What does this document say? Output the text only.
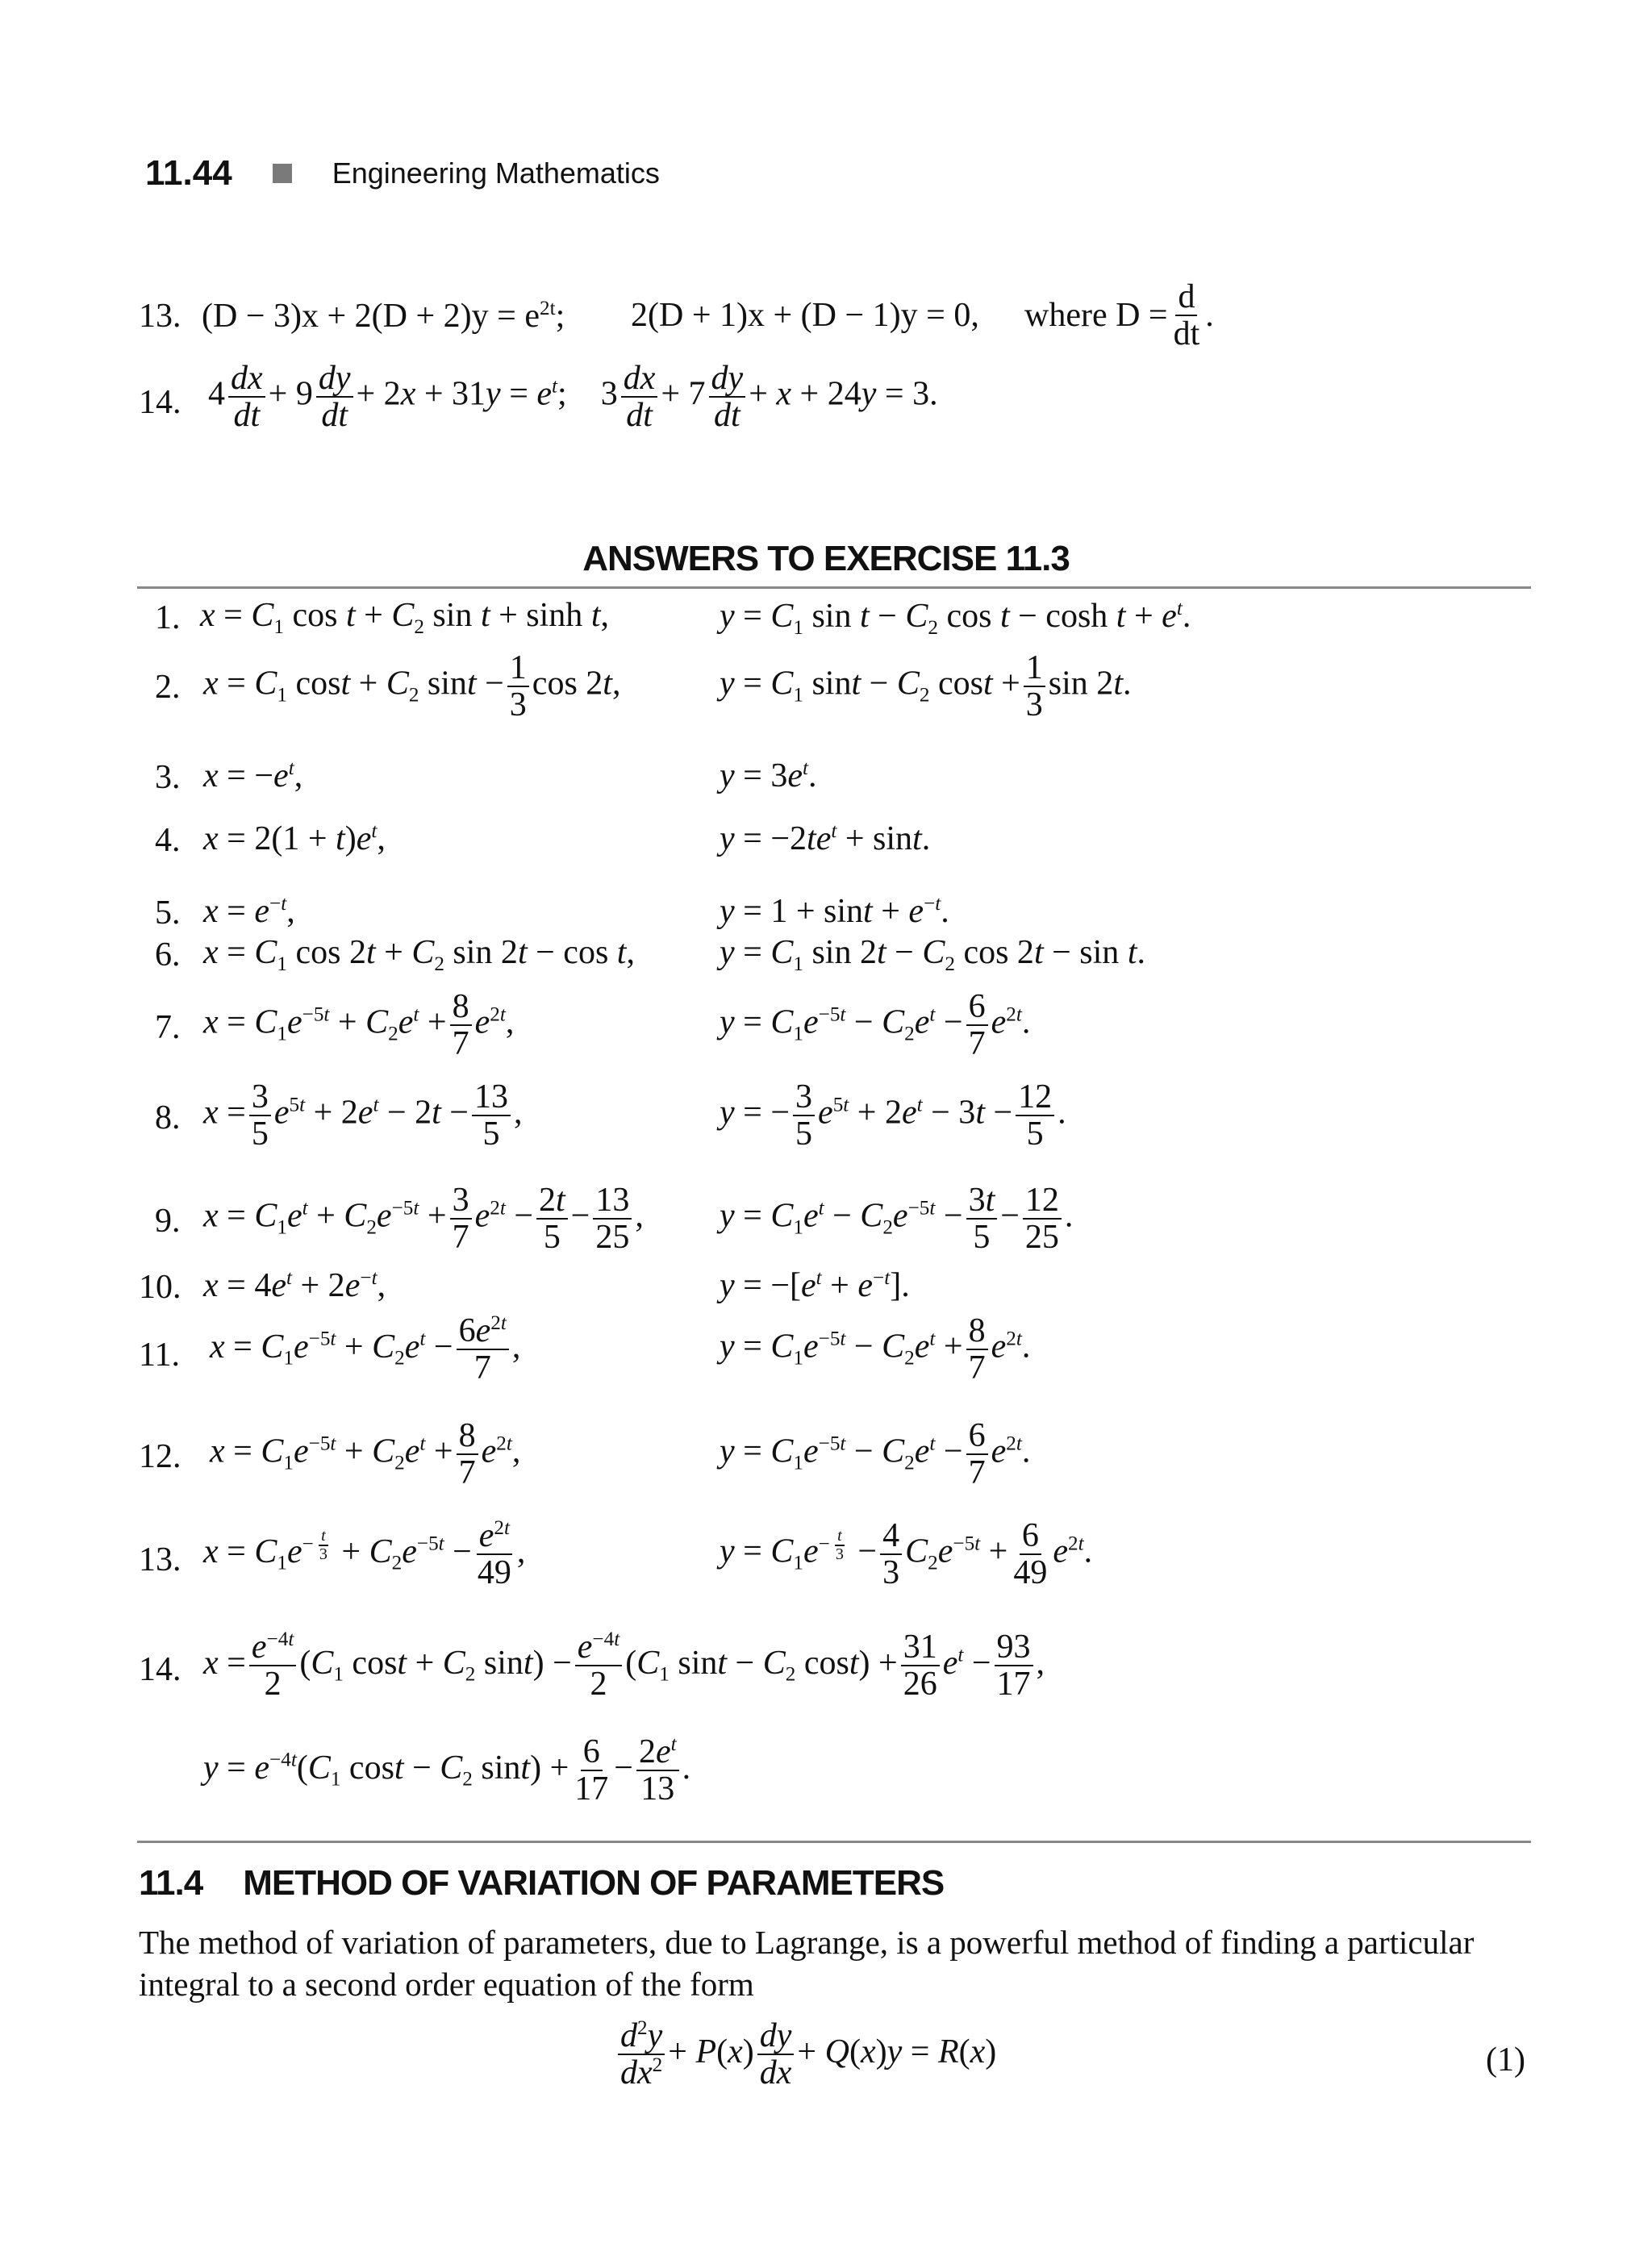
11.44	Engineering Mathematics
13. $(D - 3)x + 2(D + 2)y = e^{2t}$; 2(D + 1)x + (D − 1)y = 0, where $D = \frac{d}{dt}$ .
14. $4 \frac{dx}{dt} + 9 \frac{dy}{dt} + 2x + 31y = e^t$;    $3 \frac{dx}{dt} + 7 \frac{dy}{dt} + x + 24y = 3$.
ANSWERS TO EXERCISE 11.3
1. $x = C_1$ $\cos t + C_2$ sin t + sinh t,	$y = C_1$ $\sin t - C_2$ $\cos t - \cosh t + e^t$.
2. $x = C_1$ $\cos t + C_2$ $\sin t - \frac{1}{3}$ cos 2t,	$y = C_1$ $\sin t - C_2$ $\cos t + \frac{1}{3}$ sin 2t.
3. $x = -e^t$,	$y = 3e^t$.
4. $x = 2(1 + t)e^t$,	$y = -2te^t + \sin t$.
5. $x = e^{-t}$,	$y = 1 + \sin t + e^{-t}$.
6. $x = C_1$ $\cos 2t + C_2$ sin 2t − cos t,	$y = C_1$ $\sin 2t - C_2$ cos 2t − sin t.
7. $x = C_1e^{-5t} + C_2e^t + \frac{8}{7} e^{2t}$,	$y = C_1e^{-5t} - C_2e^t - \frac{6}{7} e^{2t}$.
8. $x = \frac{3}{5} e^{5t} + 2e^t - 2t - \frac{13}{5}$ ,	y = − $\frac{3}{5} e^{5t} + 2e^t - 3t - \frac{12}{5}$ .
9. $x = C_1e^t + C_2e^{-5t} + \frac{3}{7} e^{2t} - \frac{2t}{5} - \frac{13}{25}$ , $y = C_1e^t - C_2e^{-5t} - \frac{3t}{5} - \frac{12}{25}$ .
10. $x = 4e^t + 2e^{-t}$,	$y = -[e^t + e^{-t}]$.
11. $x = C_1e^{-5t} + C_2e^t - \frac{6e^{2t}}{7}$ ,	$y = C_1e^{-5t} - C_2e^t + \frac{8}{7} e^{2t}$.
12. $x = C_1e^{-5t} + C_2e^t + \frac{8}{7} e^{2t}$,	$y = C_1e^{-5t} - C_2e^t - \frac{6}{7} e^{2t}$.
13. $x = C_1e^{- \frac{t}{3}} + C_2e^{-5t} - \frac{e^{2t}}{49}$ ,	$y = C_1e^{- \frac{t}{3}} - \frac{4}{3} C_2e^{-5t} + \frac{6}{49} e^{2t}$.
14. $x = \frac{e^{-4t}}{2} (C_1$ $\cos t + C_2$ $\sin t) - \frac{e^{-4t}}{2} (C_1$ $\sin t - C_2$ $\cos t) + \frac{31}{26} e^t - \frac{93}{17}$ ,
$y = e^{-4t}(C_1$ $\cos t - C_2$ $\sin t) + \frac{6}{17} - \frac{2e^t}{13}$ .
11.4 METHOD OF VARIATION OF PARAMETERS
The method of variation of parameters, due to Lagrange, is a powerful method of finding a particular integral to a second order equation of the form
$\frac{d^2y}{dx^2} + P(x) \frac{dy}{dx} + Q(x)y = R(x)$	(1)
